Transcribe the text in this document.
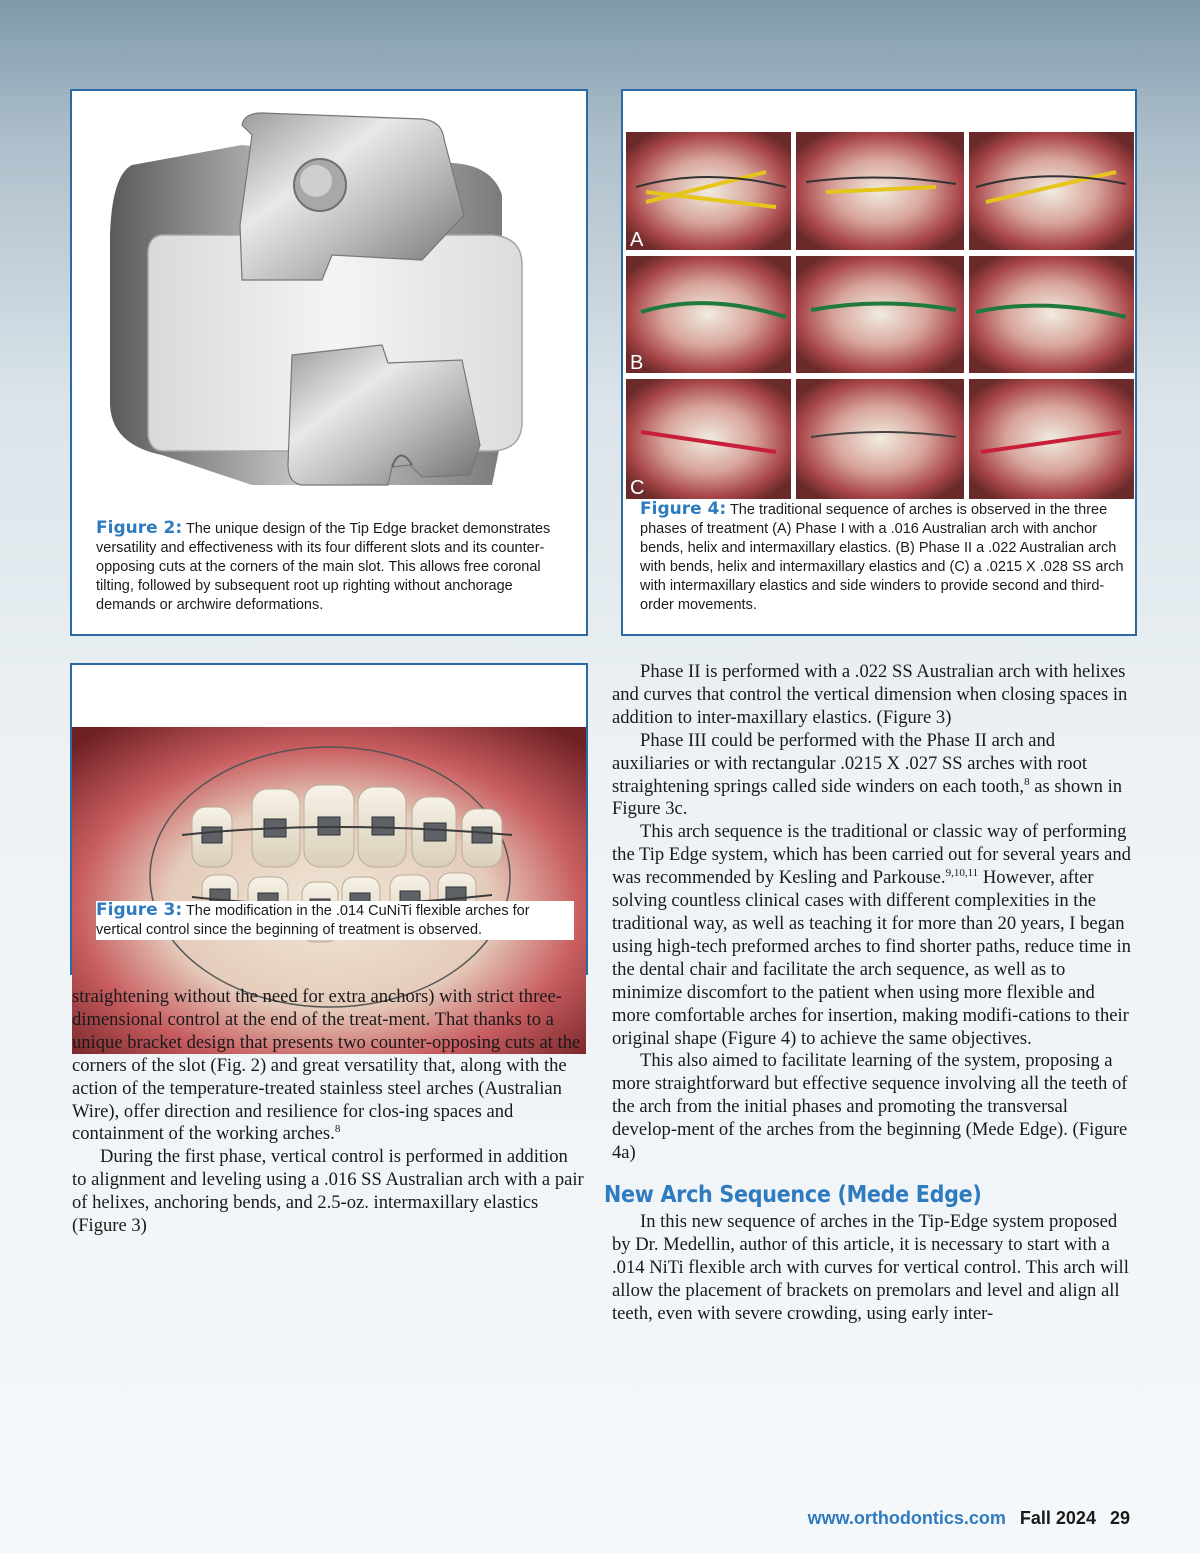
Figure 2: The unique design of the Tip Edge bracket demonstrates versatility and effectiveness with its four different slots and its counter-opposing cuts at the corners of the main slot. This allows free coronal tilting, followed by subsequent root up righting without anchorage demands or archwire deformations.
A
B
C
Figure 4: The traditional sequence of arches is observed in the three phases of treatment (A) Phase I with a .016 Australian arch with anchor bends, helix and intermaxillary elastics. (B) Phase II a .022 Australian arch with bends, helix and intermaxillary elastics and (C) a .0215 X .028 SS arch with intermaxillary elastics and side winders to provide second and third-order movements.
Figure 3: The modification in the .014 CuNiTi flexible arches for vertical control since the beginning of treatment is observed.

straightening without the need for extra anchors) with strict three-dimensional control at the end of the treat-ment. That thanks to a unique bracket design that presents two counter-opposing cuts at the corners of the slot (Fig. 2) and great versatility that, along with the action of the temperature-treated stainless steel arches (Australian Wire), offer direction and resilience for clos-ing spaces and containment of the working arches.$^8$

During the first phase, vertical control is performed in addition to alignment and leveling using a .016 SS Australian arch with a pair of helixes, anchoring bends, and 2.5-oz. intermaxillary elastics (Figure 3)

Phase II is performed with a .022 SS Australian arch with helixes and curves that control the vertical dimension when closing spaces in addition to inter-maxillary elastics. (Figure 3)

Phase III could be performed with the Phase II arch and auxiliaries or with rectangular .0215 X .027 SS arches with root straightening springs called side winders on each tooth,$^8$ as shown in Figure 3c.

This arch sequence is the traditional or classic way of performing the Tip Edge system, which has been carried out for several years and was recommended by Kesling and Parkouse.$^{9,10,11}$ However, after solving countless clinical cases with different complexities in the traditional way, as well as teaching it for more than 20 years, I began using high-tech preformed arches to find shorter paths, reduce time in the dental chair and facilitate the arch sequence, as well as to minimize discomfort to the patient when using more flexible and more comfortable arches for insertion, making modifi-cations to their original shape (Figure 4) to achieve the same objectives.

This also aimed to facilitate learning of the system, proposing a more straightforward but effective sequence involving all the teeth of the arch from the initial phases and promoting the transversal develop-ment of the arches from the beginning (Mede Edge). (Figure 4a)

New Arch Sequence (Mede Edge)

In this new sequence of arches in the Tip-Edge system proposed by Dr. Medellin, author of this article, it is necessary to start with a .014 NiTi flexible arch with curves for vertical control. This arch will allow the placement of brackets on premolars and level and align all teeth, even with severe crowding, using early inter-

www.orthodontics.com Fall 2024 29
